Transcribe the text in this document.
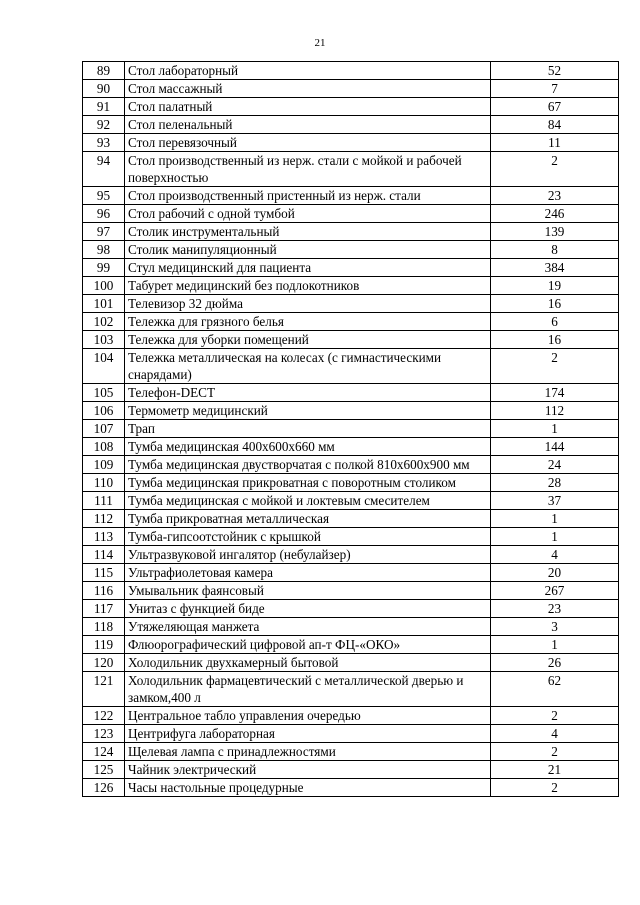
21
89	Стол лабораторный	52
90	Стол массажный	7
91	Стол палатный	67
92	Стол пеленальный	84
93	Стол перевязочный	11
94	Стол производственный из нерж. стали с мойкой и рабочей поверхностью	2
95	Стол производственный пристенный из нерж. стали	23
96	Стол рабочий с одной тумбой	246
97	Столик инструментальный	139
98	Столик манипуляционный	8
99	Стул медицинский для пациента	384
100	Табурет медицинский без подлокотников	19
101	Телевизор 32 дюйма	16
102	Тележка для грязного белья	6
103	Тележка для уборки помещений	16
104	Тележка металлическая на колесах (с гимнастическими снарядами)	2
105	Телефон-DECT	174
106	Термометр медицинский	112
107	Трап	1
108	Тумба медицинская 400х600х660 мм	144
109	Тумба медицинская двустворчатая с полкой 810х600х900 мм	24
110	Тумба медицинская прикроватная с поворотным столиком	28
111	Тумба медицинская с мойкой и локтевым смесителем	37
112	Тумба прикроватная металлическая	1
113	Тумба-гипсоотстойник с крышкой	1
114	Ультразвуковой ингалятор (небулайзер)	4
115	Ультрафиолетовая камера	20
116	Умывальник фаянсовый	267
117	Унитаз с функцией биде	23
118	Утяжеляющая манжета	3
119	Флюорографический цифровой ап-т ФЦ-«ОКО»	1
120	Холодильник двухкамерный бытовой	26
121	Холодильник фармацевтический с металлической дверью и замком,400 л	62
122	Центральное табло управления очередью	2
123	Центрифуга лабораторная	4
124	Щелевая лампа с принадлежностями	2
125	Чайник электрический	21
126	Часы настольные процедурные	2
